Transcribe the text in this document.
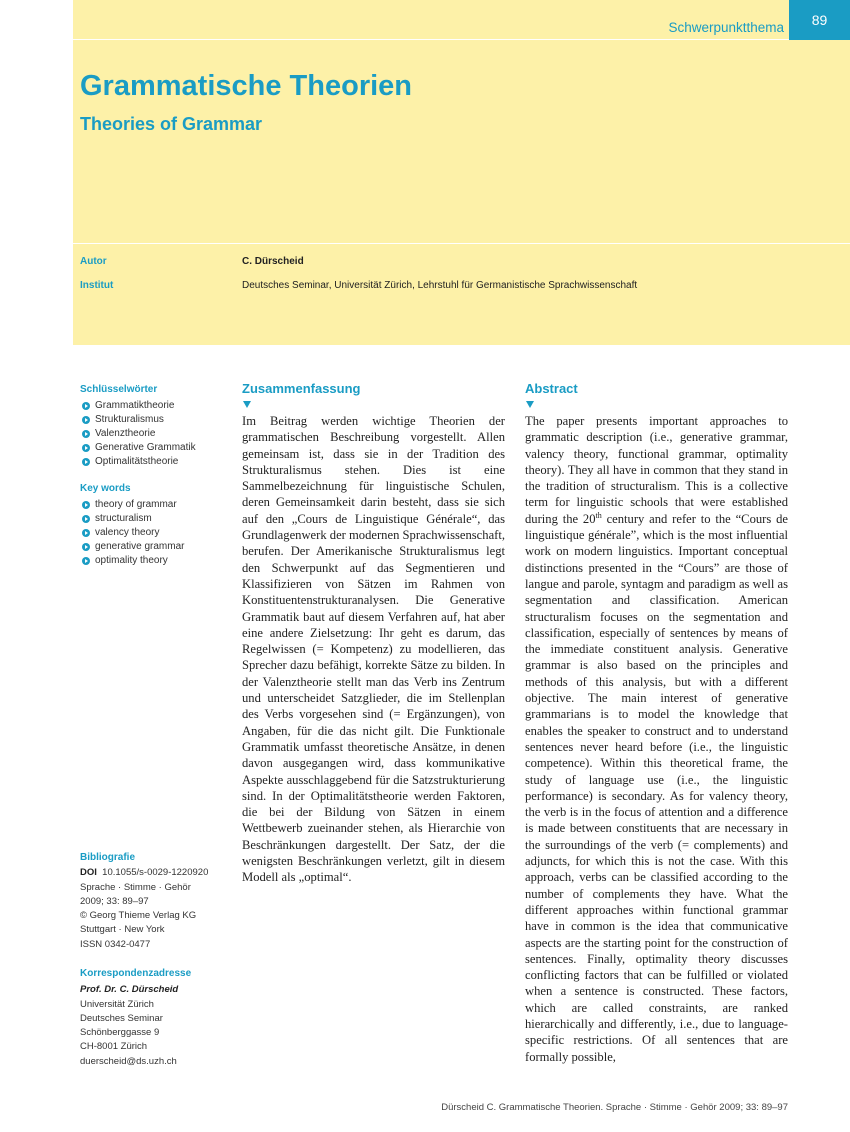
Schwerpunktthema	89
Grammatische Theorien
Theories of Grammar
Autor	C. Dürscheid
Institut	Deutsches Seminar, Universität Zürich, Lehrstuhl für Germanistische Sprachwissenschaft
Schlüsselwörter
Grammatiktheorie
Strukturalismus
Valenztheorie
Generative Grammatik
Optimalitätstheorie
Key words
theory of grammar
structuralism
valency theory
generative grammar
optimality theory
Bibliografie
DOI 10.1055/s-0029-1220920
Sprache · Stimme · Gehör
2009; 33: 89–97
© Georg Thieme Verlag KG
Stuttgart · New York
ISSN 0342-0477
Korrespondenzadresse
Prof. Dr. C. Dürscheid
Universität Zürich
Deutsches Seminar
Schönberggasse 9
CH-8001 Zürich
duerscheid@ds.uzh.ch
Zusammenfassung

Im Beitrag werden wichtige Theorien der grammatischen Beschreibung vorgestellt. Allen gemeinsam ist, dass sie in der Tradition des Strukturalismus stehen. Dies ist eine Sammelbezeichnung für linguistische Schulen, deren Gemeinsamkeit darin besteht, dass sie sich auf den „Cours de Linguistique Générale“, das Grundlagenwerk der modernen Sprachwissenschaft, berufen. Der Amerikanische Strukturalismus legt den Schwerpunkt auf das Segmentieren und Klassifizieren von Sätzen im Rahmen von Konstituentenstrukturanalysen. Die Generative Grammatik baut auf diesem Verfahren auf, hat aber eine andere Zielsetzung: Ihr geht es darum, das Regelwissen (= Kompetenz) zu modellieren, das Sprecher dazu befähigt, korrekte Sätze zu bilden. In der Valenztheorie stellt man das Verb ins Zentrum und unterscheidet Satzglieder, die im Stellenplan des Verbs vorgesehen sind (= Ergänzungen), von Angaben, für die das nicht gilt. Die Funktionale Grammatik umfasst theoretische Ansätze, in denen davon ausgegangen wird, dass kommunikative Aspekte ausschlaggebend für die Satzstrukturierung sind. In der Optimalitätstheorie werden Faktoren, die bei der Bildung von Sätzen in einem Wettbewerb zueinander stehen, als Hierarchie von Beschränkungen dargestellt. Der Satz, der die wenigsten Beschränkungen verletzt, gilt in diesem Modell als „optimal“.

Abstract

The paper presents important approaches to grammatic description (i.e., generative grammar, valency theory, functional grammar, optimality theory). They all have in common that they stand in the tradition of structuralism. This is a collective term for linguistic schools that were established during the 20th century and refer to the “Cours de linguistique générale”, which is the most influential work on modern linguistics. Important conceptual distinctions presented in the “Cours” are those of langue and parole, syntagm and paradigm as well as segmentation and classification. American structuralism focuses on the segmentation and classification, especially of sentences by means of the immediate constituent analysis. Generative grammar is also based on the principles and methods of this analysis, but with a different objective. The main interest of generative grammarians is to model the knowledge that enables the speaker to construct and to understand sentences never heard before (i.e., the linguistic competence). Within this theoretical frame, the study of language use (i.e., the linguistic performance) is secondary. As for valency theory, the verb is in the focus of attention and a difference is made between constituents that are necessary in the surroundings of the verb (= complements) and adjuncts, for which this is not the case. With this approach, verbs can be classified according to the number of complements they have. What the different approaches within functional grammar have in common is the idea that communicative aspects are the starting point for the construction of sentences. Finally, optimality theory discusses conflicting factors that can be fulfilled or violated when a sentence is constructed. These factors, which are called constraints, are ranked hierarchically and differently, i.e., due to language-specific restrictions. Of all sentences that are formally possible,

Dürscheid C. Grammatische Theorien. Sprache · Stimme · Gehör 2009; 33: 89–97
